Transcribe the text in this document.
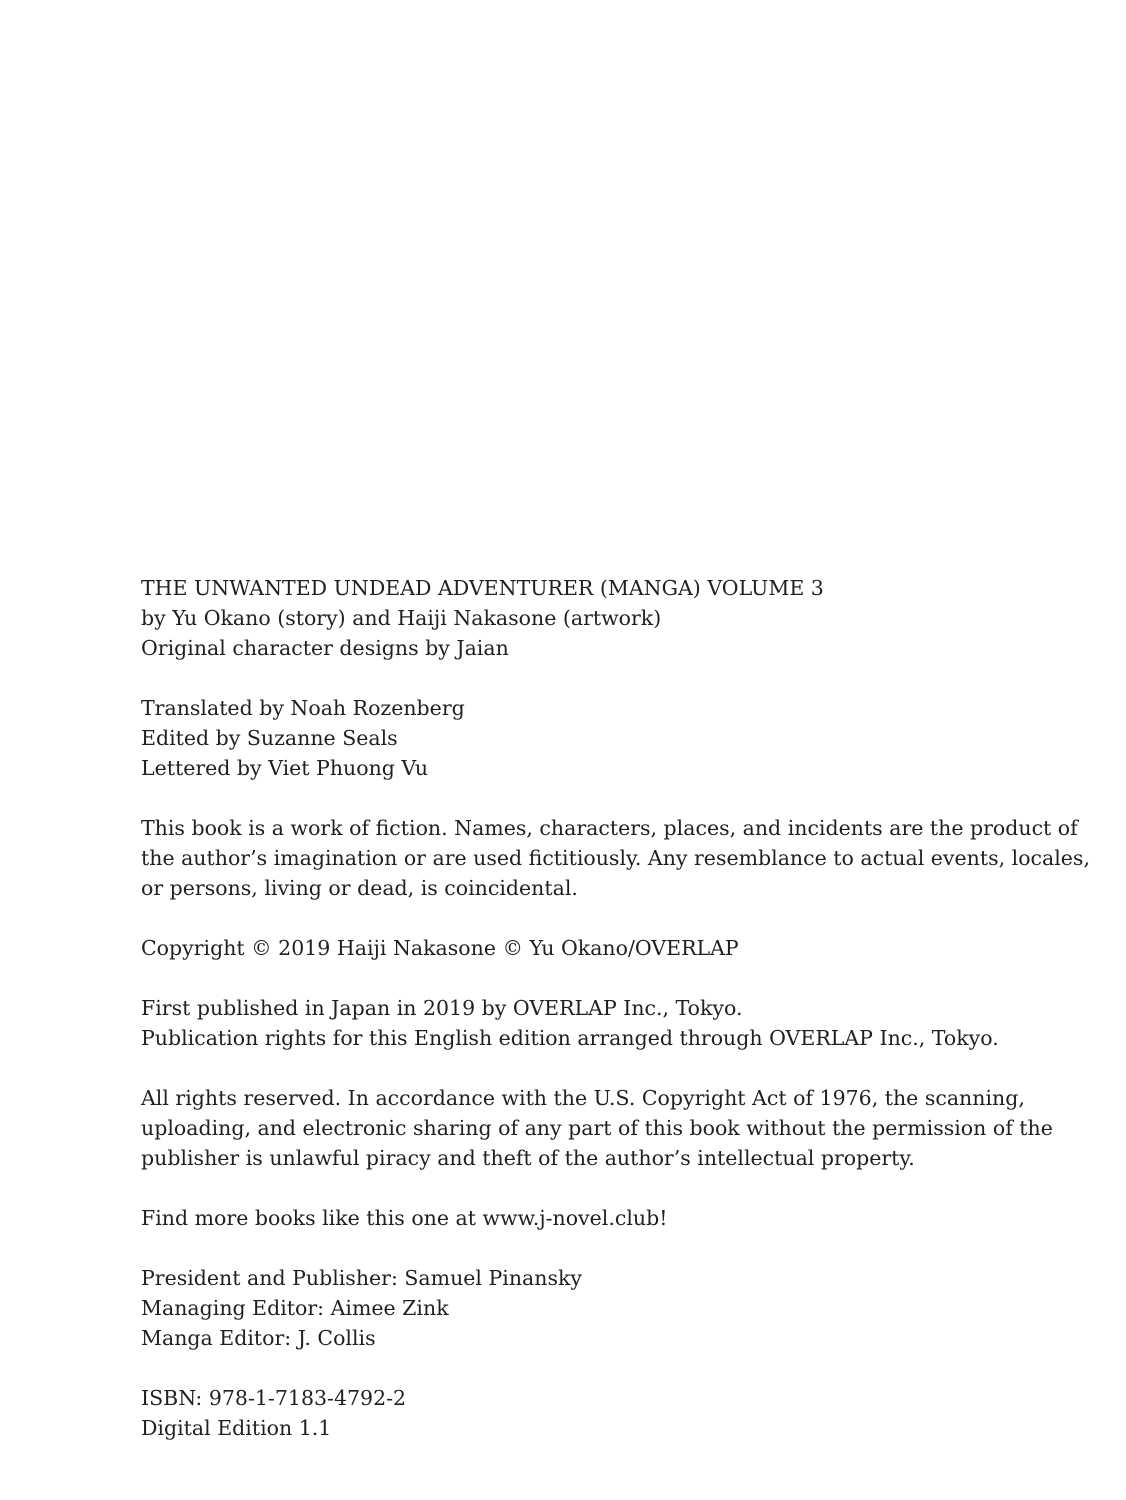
THE UNWANTED UNDEAD ADVENTURER (MANGA) VOLUME 3
by Yu Okano (story) and Haiji Nakasone (artwork)
Original character designs by Jaian
Translated by Noah Rozenberg
Edited by Suzanne Seals
Lettered by Viet Phuong Vu
This book is a work of fiction. Names, characters, places, and incidents are the product of
the author’s imagination or are used fictitiously. Any resemblance to actual events, locales,
or persons, living or dead, is coincidental.
Copyright © 2019 Haiji Nakasone © Yu Okano/OVERLAP
First published in Japan in 2019 by OVERLAP Inc., Tokyo.
Publication rights for this English edition arranged through OVERLAP Inc., Tokyo.
All rights reserved. In accordance with the U.S. Copyright Act of 1976, the scanning,
uploading, and electronic sharing of any part of this book without the permission of the
publisher is unlawful piracy and theft of the author’s intellectual property.
Find more books like this one at www.j-novel.club!
President and Publisher: Samuel Pinansky
Managing Editor: Aimee Zink
Manga Editor: J. Collis
ISBN: 978-1-7183-4792-2
Digital Edition 1.1
